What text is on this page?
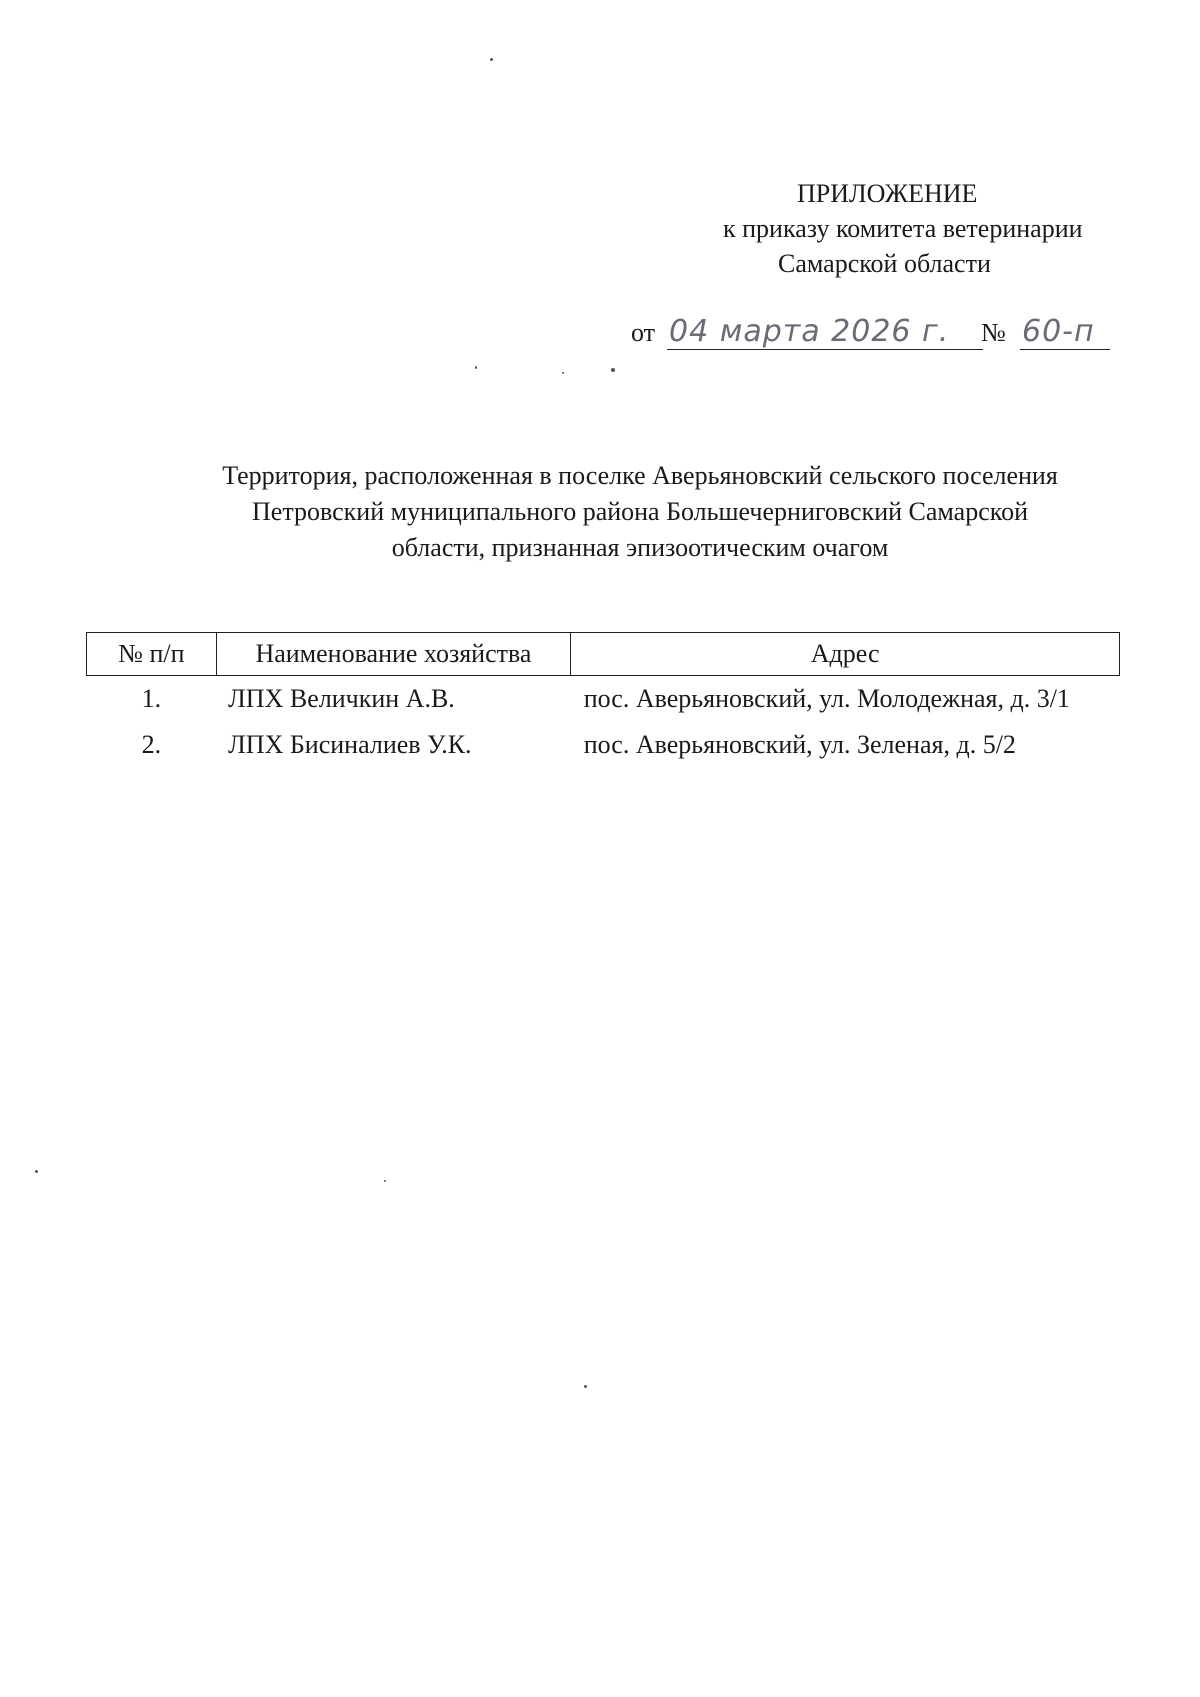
ПРИЛОЖЕНИЕ
к приказу комитета ветеринарии
Самарской области
от 04 марта 2026 г.	№ 60-п
Территория, расположенная в поселке Аверьяновский сельского поселения
Петровский муниципального района Большечерниговский Самарской
области, признанная эпизоотическим очагом
№ п/п	Наименование хозяйства	Адрес
1.	ЛПХ Величкин А.В.	пос. Аверьяновский, ул. Молодежная, д. 3/1
2.	ЛПХ Бисиналиев У.К.	пос. Аверьяновский, ул. Зеленая, д. 5/2
